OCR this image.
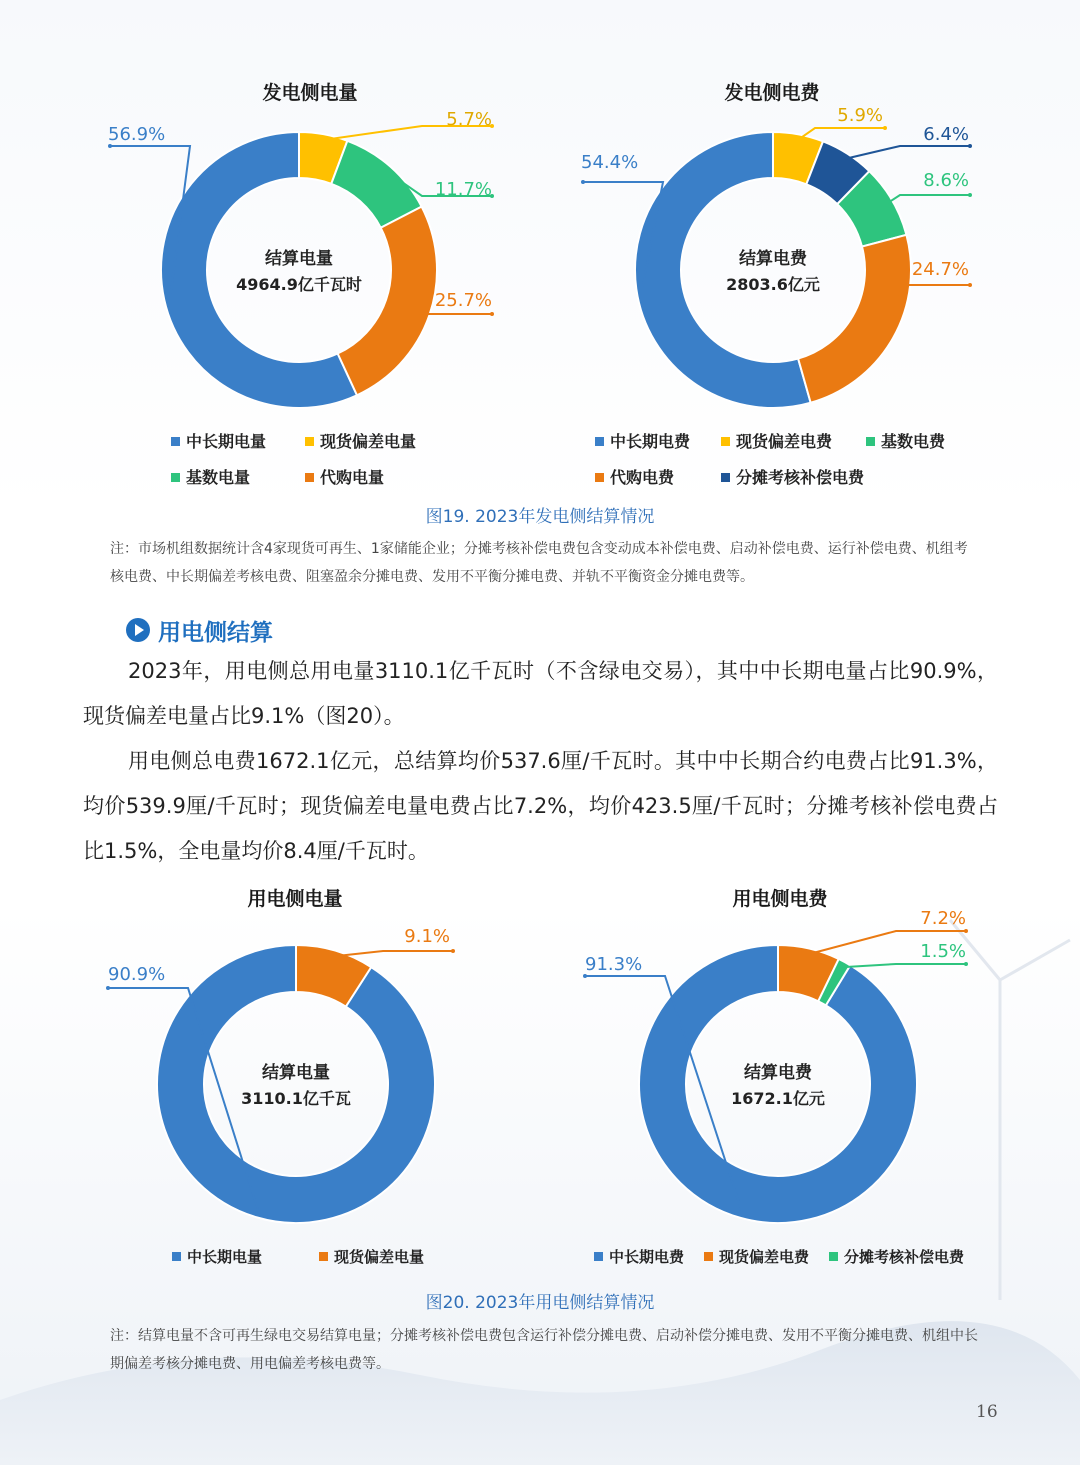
发电侧电量
56.9%
5.7%
11.7%
25.7%
结算电量
4964.9亿千瓦时
中长期电量	现货偏差电量
基数电量	代购电量
发电侧电费
54.4%
5.9%
6.4%
8.6%
24.7%
结算电费
2803.6亿元
中长期电费	现货偏差电费	基数电费
代购电费	分摊考核补偿电费
图19. 2023年发电侧结算情况
注：市场机组数据统计含4家现货可再生、1家储能企业；分摊考核补偿电费包含变动成本补偿电费、启动补偿电费、运行补偿电费、机组考核电费、中长期偏差考核电费、阻塞盈余分摊电费、发用不平衡分摊电费、并轨不平衡资金分摊电费等。
用电侧结算

2023年，用电侧总用电量3110.1亿千瓦时（不含绿电交易），其中中长期电量占比90.9%，现货偏差电量占比9.1%（图20）。

用电侧总电费1672.1亿元，总结算均价537.6厘/千瓦时。其中中长期合约电费占比91.3%，均价539.9厘/千瓦时；现货偏差电量电费占比7.2%，均价423.5厘/千瓦时；分摊考核补偿电费占比1.5%，全电量均价8.4厘/千瓦时。

用电侧电量
90.9%
9.1%
结算电量
3110.1亿千瓦
中长期电量	现货偏差电量
用电侧电费
91.3%
7.2%
1.5%
结算电费
1672.1亿元
中长期电费	现货偏差电费	分摊考核补偿电费
图20. 2023年用电侧结算情况
注：结算电量不含可再生绿电交易结算电量；分摊考核补偿电费包含运行补偿分摊电费、启动补偿分摊电费、发用不平衡分摊电费、机组中长期偏差考核分摊电费、用电偏差考核电费等。
16
